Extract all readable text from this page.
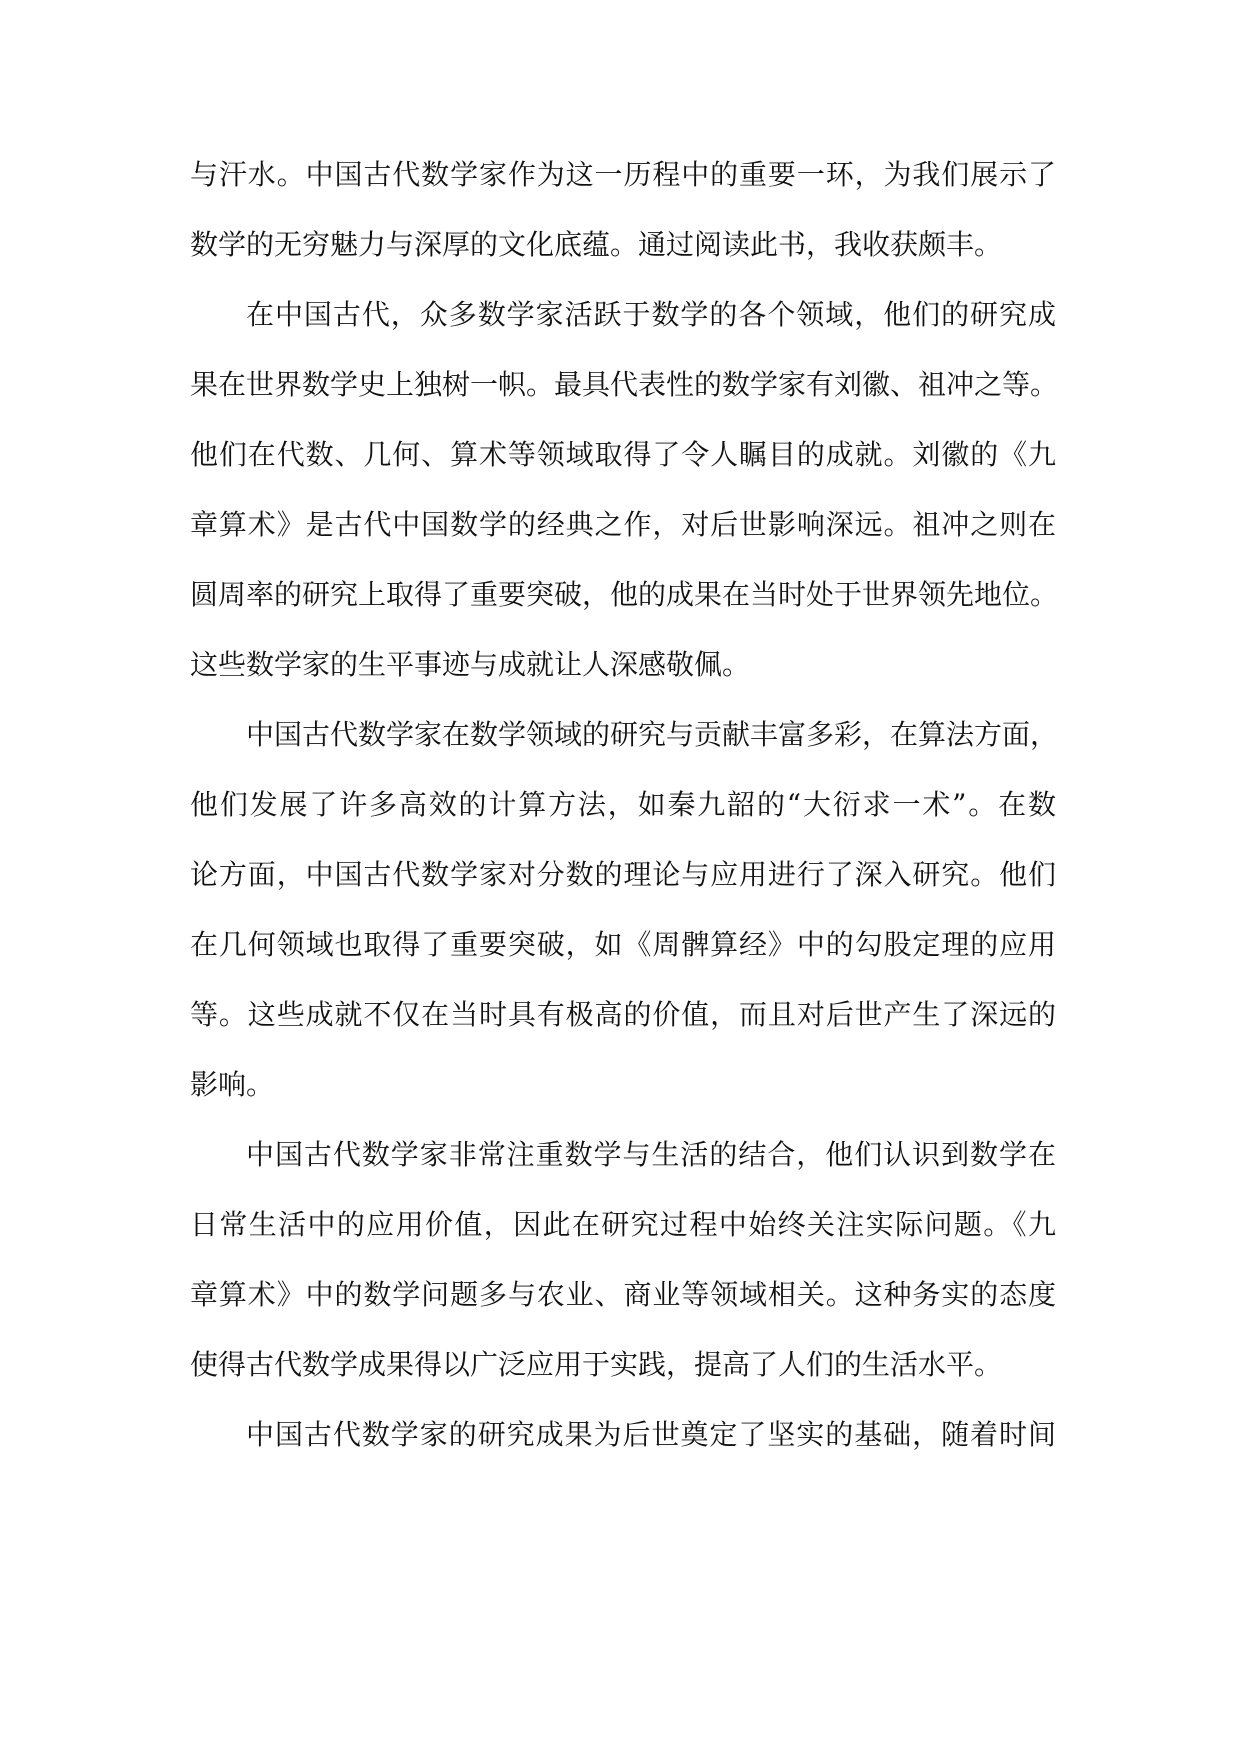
与汗水。中国古代数学家作为这一历程中的重要一环，为我们展示了
数学的无穷魅力与深厚的文化底蕴。通过阅读此书，我收获颇丰。
在中国古代，众多数学家活跃于数学的各个领域，他们的研究成
果在世界数学史上独树一帜。最具代表性的数学家有刘徽、祖冲之等。
他们在代数、几何、算术等领域取得了令人瞩目的成就。刘徽的《九
章算术》是古代中国数学的经典之作，对后世影响深远。祖冲之则在
圆周率的研究上取得了重要突破，他的成果在当时处于世界领先地位。
这些数学家的生平事迹与成就让人深感敬佩。
中国古代数学家在数学领域的研究与贡献丰富多彩，在算法方面，
他们发展了许多高效的计算方法，如秦九韶的“大衍求一术”。在数
论方面，中国古代数学家对分数的理论与应用进行了深入研究。他们
在几何领域也取得了重要突破，如《周髀算经》中的勾股定理的应用
等。这些成就不仅在当时具有极高的价值，而且对后世产生了深远的
影响。
中国古代数学家非常注重数学与生活的结合，他们认识到数学在
日常生活中的应用价值，因此在研究过程中始终关注实际问题。《九
章算术》中的数学问题多与农业、商业等领域相关。这种务实的态度
使得古代数学成果得以广泛应用于实践，提高了人们的生活水平。
中国古代数学家的研究成果为后世奠定了坚实的基础，随着时间
